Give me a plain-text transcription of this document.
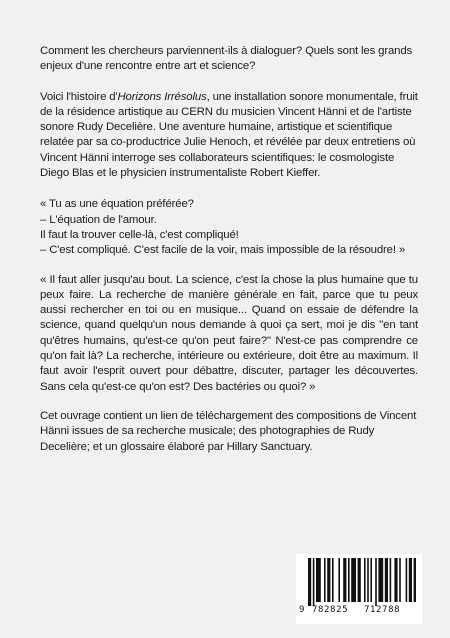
Comment les chercheurs parviennent-ils à dialoguer? Quels sont les grands enjeux d'une rencontre entre art et science?

Voici l'histoire d'Horizons Irrésolus, une installation sonore monumentale, fruit de la résidence artistique au CERN du musicien Vincent Hänni et de l'artiste sonore Rudy Decelière. Une aventure humaine, artistique et scientifique relatée par sa co-productrice Julie Henoch, et révélée par deux entretiens où Vincent Hänni interroge ses collaborateurs scientifiques: le cosmologiste Diego Blas et le physicien instrumentaliste Robert Kieffer.

« Tu as une équation préférée?
– L'équation de l'amour.
Il faut la trouver celle-là, c'est compliqué!
– C'est compliqué. C'est facile de la voir, mais impossible de la résoudre! »

« Il faut aller jusqu'au bout. La science, c'est la chose la plus humaine que tu peux faire. La recherche de manière générale en fait, parce que tu peux aussi rechercher en toi ou en musique... Quand on essaie de défendre la science, quand quelqu'un nous demande à quoi ça sert, moi je dis "en tant qu'êtres humains, qu'est-ce qu'on peut faire?" N'est-ce pas comprendre ce qu'on fait là? La recherche, intérieure ou extérieure, doit être au maximum. Il faut avoir l'esprit ouvert pour débattre, discuter, partager les découvertes. Sans cela qu'est-ce qu'on est? Des bactéries ou quoi? »

Cet ouvrage contient un lien de téléchargement des compositions de Vincent Hänni issues de sa recherche musicale; des photographies de Rudy Decelière; et un glossaire élaboré par Hillary Sanctuary.

9 782825 712788
